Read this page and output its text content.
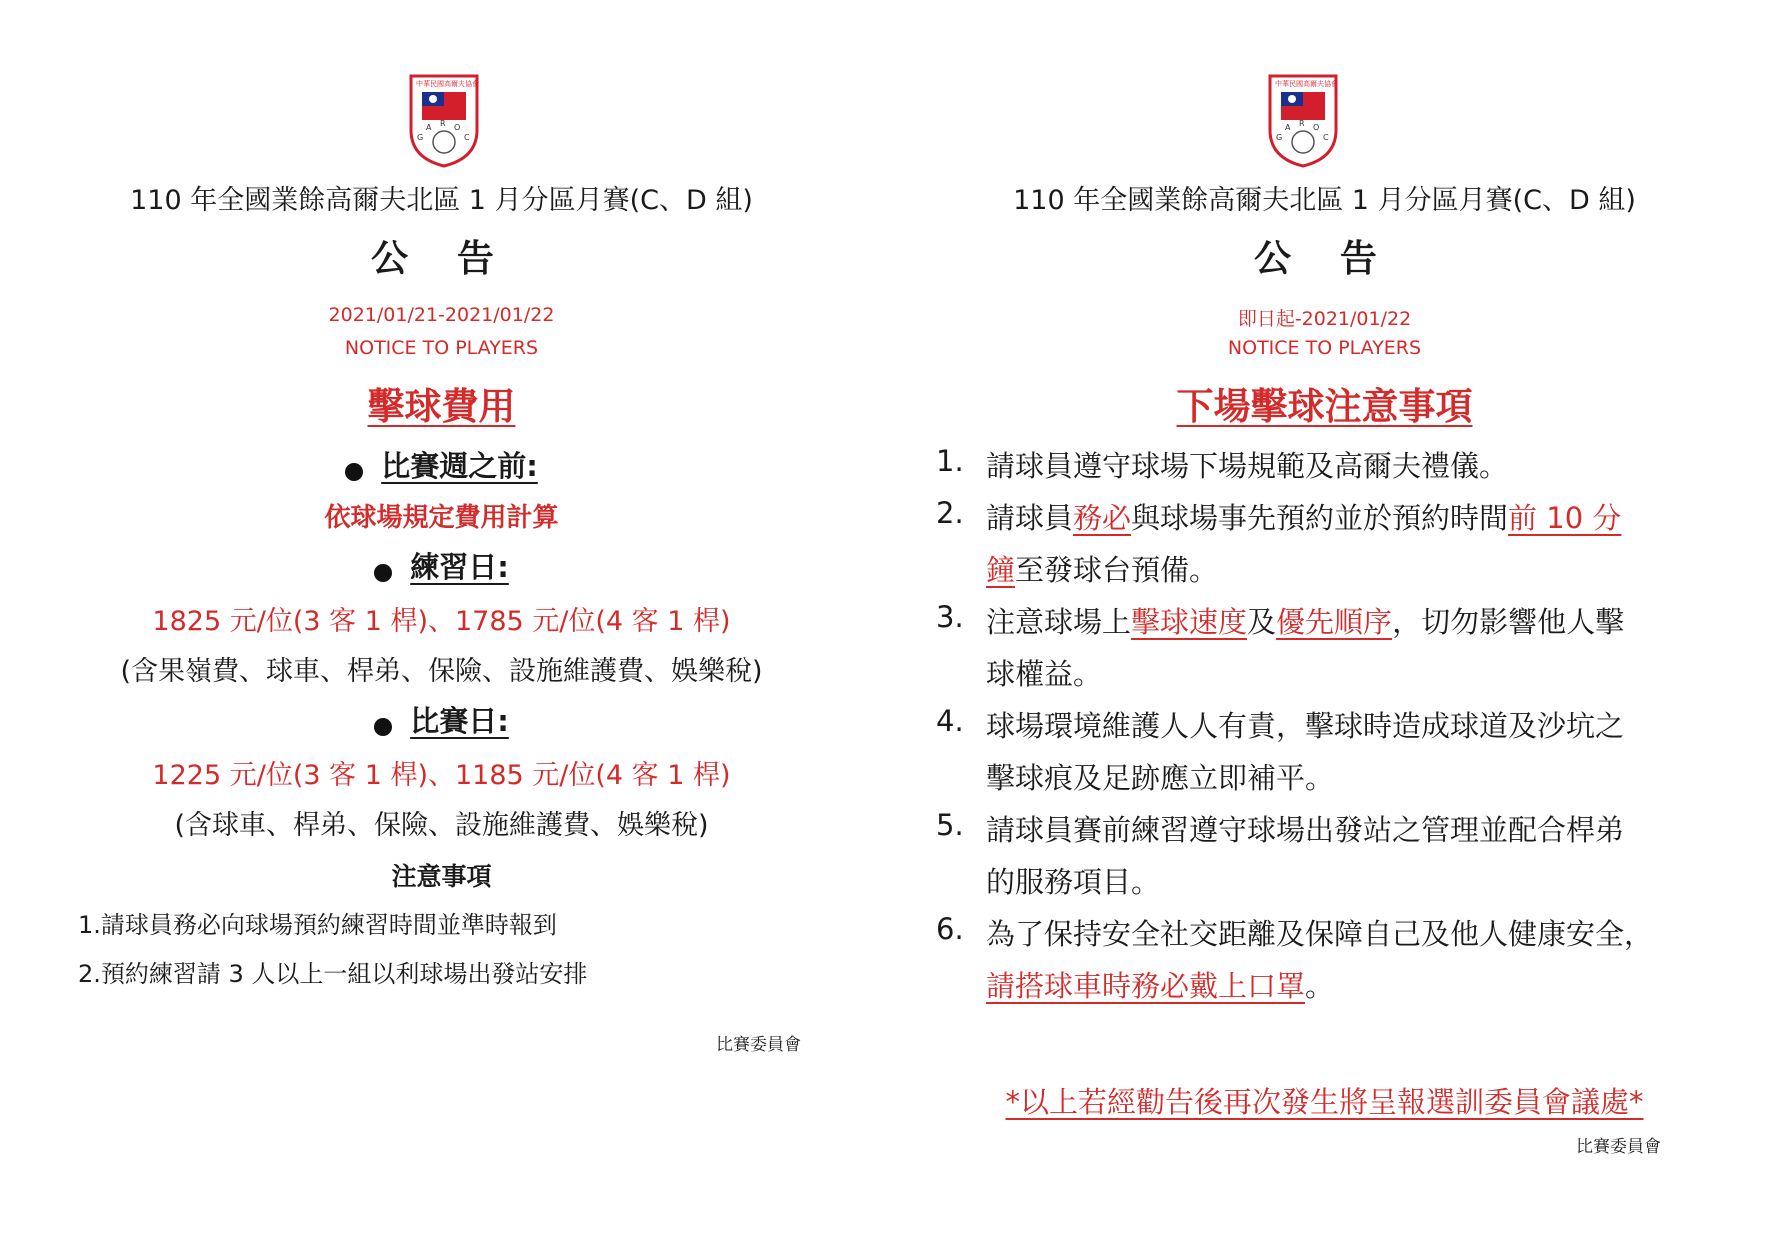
中華民國高爾夫協會
G
A R O
C
110 年全國業餘高爾夫北區 1 月分區月賽(C、D 組)
公 告
2021/01/21-2021/01/22
NOTICE TO PLAYERS
擊球費用
比賽週之前:
依球場規定費用計算
練習日:
1825 元/位(3 客 1 桿)、1785 元/位(4 客 1 桿)
(含果嶺費、球車、桿弟、保險、設施維護費、娛樂稅)
比賽日:
1225 元/位(3 客 1 桿)、1185 元/位(4 客 1 桿)
(含球車、桿弟、保險、設施維護費、娛樂稅)
注意事項
1.請球員務必向球場預約練習時間並準時報到
2.預約練習請 3 人以上一組以利球場出發站安排
比賽委員會
中華民國高爾夫協會
G
A R O
C
110 年全國業餘高爾夫北區 1 月分區月賽(C、D 組)
公 告
即日起-2021/01/22
NOTICE TO PLAYERS
下場擊球注意事項
1. 請球員遵守球場下場規範及高爾夫禮儀。
2. 請球員務必與球場事先預約並於預約時間前 10 分
鐘至發球台預備。
3. 注意球場上擊球速度及優先順序，切勿影響他人擊
球權益。
4. 球場環境維護人人有責，擊球時造成球道及沙坑之
擊球痕及足跡應立即補平。
5. 請球員賽前練習遵守球場出發站之管理並配合桿弟
的服務項目。
6. 為了保持安全社交距離及保障自己及他人健康安全，
請搭球車時務必戴上口罩。
*以上若經勸告後再次發生將呈報選訓委員會議處*
比賽委員會
